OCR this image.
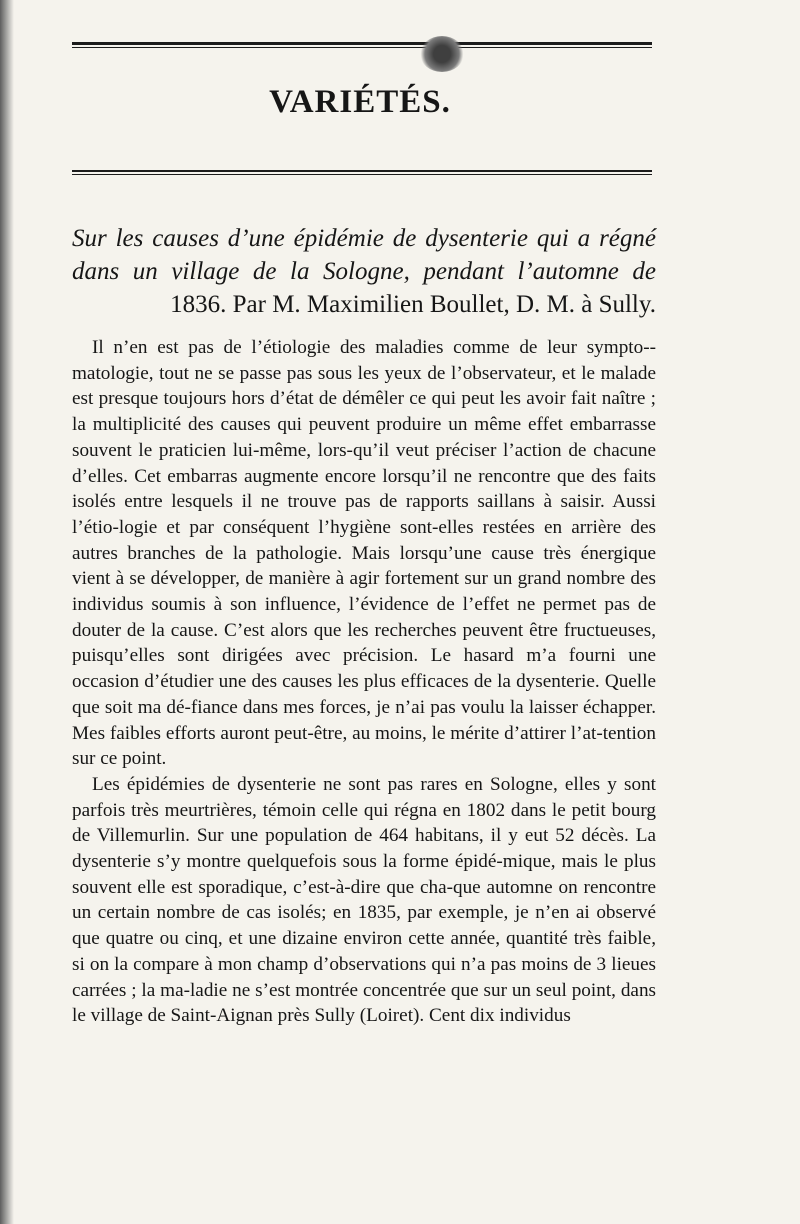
VARIÉTÉS.
Sur les causes d’une épidémie de dysenterie qui a régné dans un village de la Sologne, pendant l’automne de 1836. Par M. Maximilien Boullet, D. M. à Sully.

Il n’en est pas de l’étiologie des maladies comme de leur sympto-matologie, tout ne se passe pas sous les yeux de l’observateur, et le malade est presque toujours hors d’état de démêler ce qui peut les avoir fait naître ; la multiplicité des causes qui peuvent produire un même effet embarrasse souvent le praticien lui-même, lors-qu’il veut préciser l’action de chacune d’elles. Cet embarras augmente encore lorsqu’il ne rencontre que des faits isolés entre lesquels il ne trouve pas de rapports saillans à saisir. Aussi l’étio-logie et par conséquent l’hygiène sont-elles restées en arrière des autres branches de la pathologie. Mais lorsqu’une cause très énergique vient à se développer, de manière à agir fortement sur un grand nombre des individus soumis à son influence, l’évidence de l’effet ne permet pas de douter de la cause. C’est alors que les recherches peuvent être fructueuses, puisqu’elles sont dirigées avec précision. Le hasard m’a fourni une occasion d’étudier une des causes les plus efficaces de la dysenterie. Quelle que soit ma dé-fiance dans mes forces, je n’ai pas voulu la laisser échapper. Mes faibles efforts auront peut-être, au moins, le mérite d’attirer l’at-tention sur ce point.

Les épidémies de dysenterie ne sont pas rares en Sologne, elles y sont parfois très meurtrières, témoin celle qui régna en 1802 dans le petit bourg de Villemurlin. Sur une population de 464 habitans, il y eut 52 décès. La dysenterie s’y montre quelquefois sous la forme épidé-mique, mais le plus souvent elle est sporadique, c’est-à-dire que cha-que automne on rencontre un certain nombre de cas isolés; en 1835, par exemple, je n’en ai observé que quatre ou cinq, et une dizaine environ cette année, quantité très faible, si on la compare à mon champ d’observations qui n’a pas moins de 3 lieues carrées ; la ma-ladie ne s’est montrée concentrée que sur un seul point, dans le village de Saint-Aignan près Sully (Loiret). Cent dix individus
